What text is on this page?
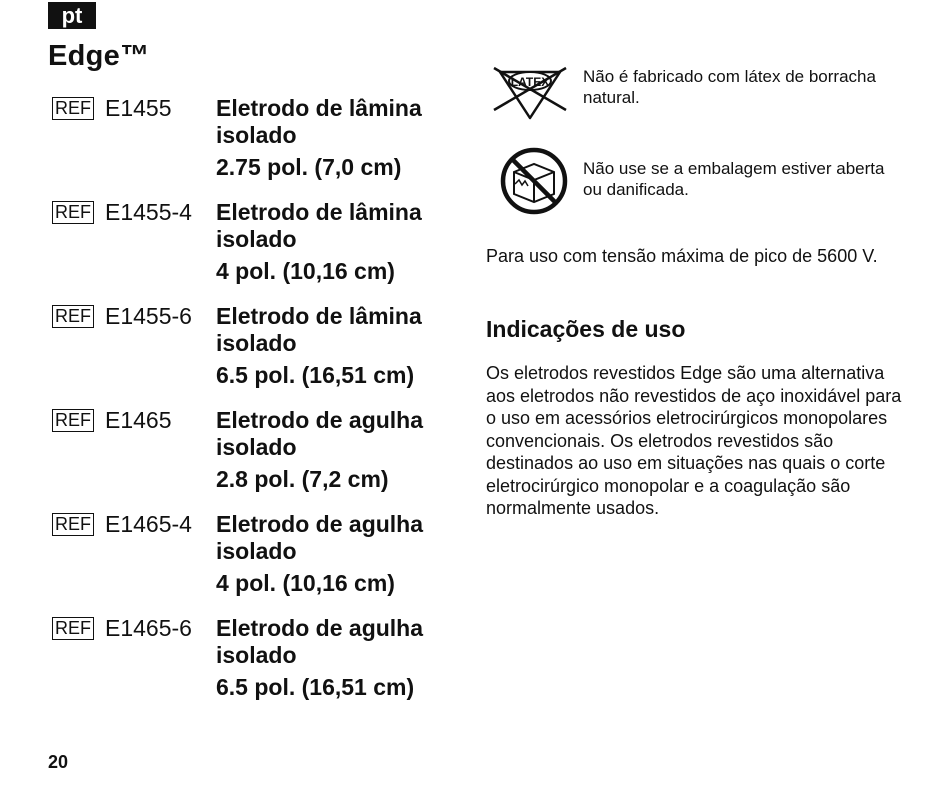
pt
Edge™
REF E1455 Eletrodo de lâmina
isolado
2.75 pol. (7,0 cm)
REF E1455-4 Eletrodo de lâmina
isolado
4 pol. (10,16 cm)
REF E1455-6 Eletrodo de lâmina
isolado
6.5 pol. (16,51 cm)
REF E1465 Eletrodo de agulha
isolado
2.8 pol. (7,2 cm)
REF E1465-4 Eletrodo de agulha
isolado
4 pol. (10,16 cm)
REF E1465-6 Eletrodo de agulha
isolado
6.5 pol. (16,51 cm)
LATEX Não é fabricado com látex de borracha natural.
Não use se a embalagem estiver aberta ou danificada.

Para uso com tensão máxima de pico de 5600 V.

Indicações de uso

Os eletrodos revestidos Edge são uma alternativa aos eletrodos não revestidos de aço inoxidável para o uso em acessórios eletrocirúrgicos monopolares convencionais. Os eletrodos revestidos são destinados ao uso em situações nas quais o corte eletrocirúrgico monopolar e a coagulação são normalmente usados.

20
